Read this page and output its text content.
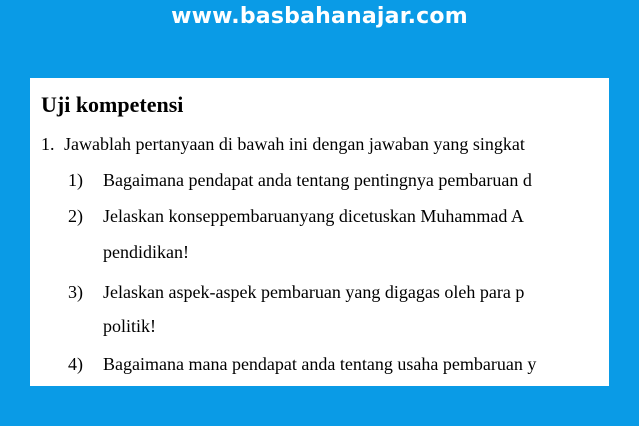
www.basbahanajar.com
Uji kompetensi
1. Jawablah pertanyaan di bawah ini dengan jawaban yang singkat
1) Bagaimana pendapat anda tentang pentingnya pembaruan d
2) Jelaskan konseppembaruanyang dicetuskan Muhammad A
pendidikan!
3) Jelaskan aspek-aspek pembaruan yang digagas oleh para p
politik!
4) Bagaimana mana pendapat anda tentang usaha pembaruan y
